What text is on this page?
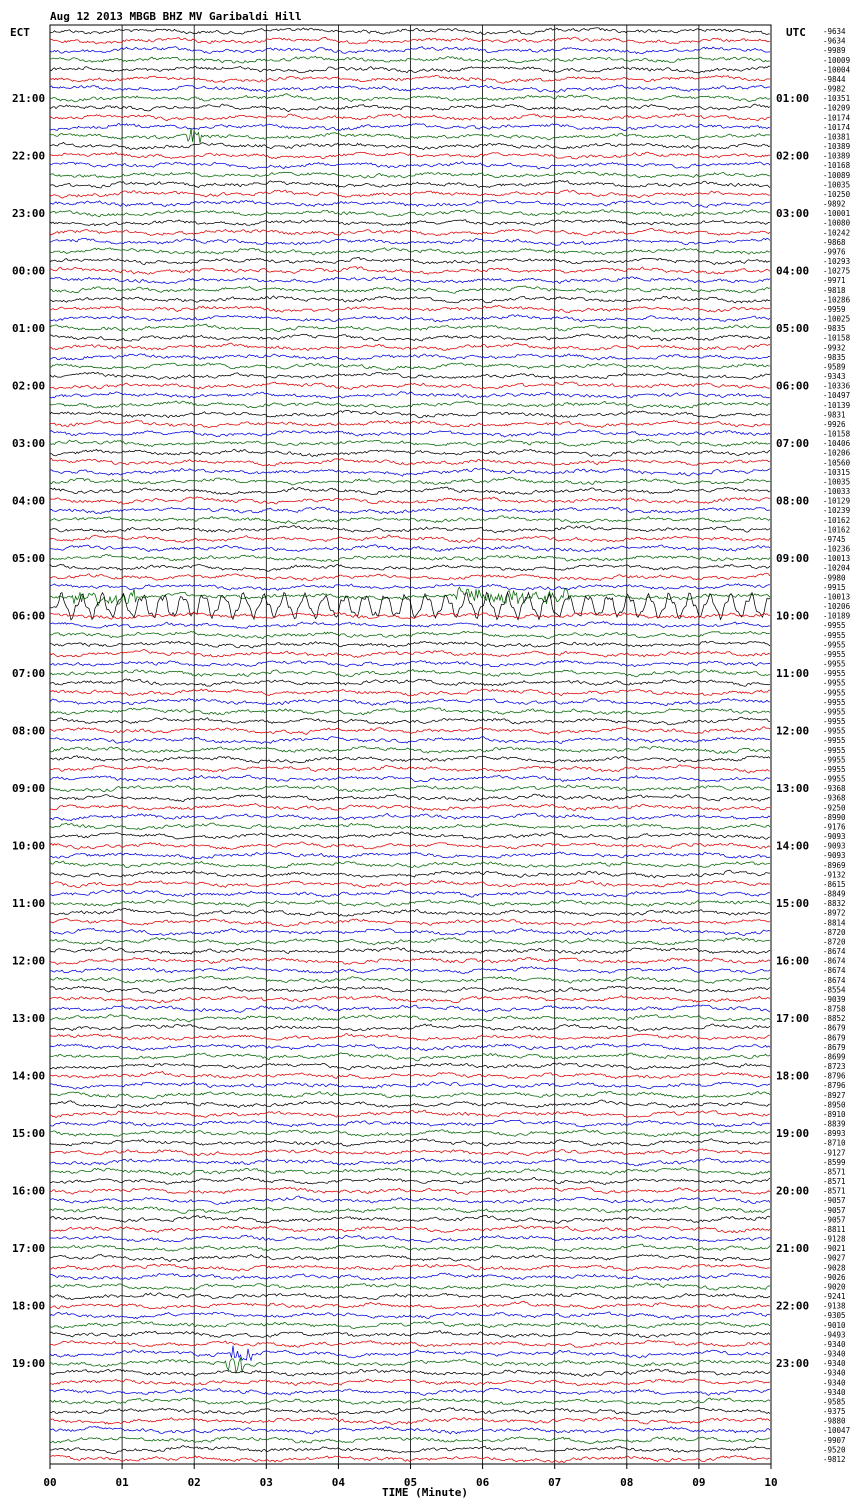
Aug 12 2013 MBGB BHZ MV Garibaldi Hill
ECT	UTC
21:00
22:00
23:00
00:00
01:00
02:00
03:00
04:00
05:00
06:00
07:00
08:00
09:00
10:00
11:00
12:00
13:00
14:00
15:00
16:00
17:00
18:00
19:00
01:00
02:00
03:00
04:00
05:00
06:00
07:00
08:00
09:00
10:00
11:00
12:00
13:00
14:00
15:00
16:00
17:00
18:00
19:00
20:00
21:00
22:00
23:00
-9634
-9634
-9989
-10009
-10004
-9844
-9982
-10351
-10209
-10174
-10174
-10381
-10389
-10389
-10168
-10089
-10035
-10250
-9892
-10001
-10080
-10242
-9868
-9976
-10293
-10275
-9971
-9818
-10286
-9959
-10025
-9835
-10158
-9932
-9835
-9589
-9343
-10336
-10497
-10139
-9831
-9926
-10158
-10406
-10206
-10560
-10315
-10035
-10033
-10129
-10239
-10162
-10162
-9745
-10236
-10013
-10204
-9980
-9915
-10013
-10206
-10189
-9955
-9955
-9955
-9955
-9955
-9955
-9955
-9955
-9955
-9955
-9955
-9955
-9955
-9955
-9955
-9955
-9955
-9368
-9368
-9250
-8990
-9176
-9093
-9093
-9093
-8969
-9132
-8615
-8849
-8832
-8972
-8814
-8720
-8720
-8674
-8674
-8674
-8674
-8554
-9039
-8758
-8852
-8679
-8679
-8679
-8699
-8723
-8796
-8796
-8927
-8950
-8910
-8839
-8993
-8710
-9127
-8599
-8571
-8571
-8571
-9057
-9057
-9057
-8811
-9128
-9021
-9027
-9028
-9026
-9020
-9241
-9138
-9305
-9010
-9493
-9340
-9340
-9340
-9340
-9340
-9340
-9585
-9375
-9880
-10047
-9907
-9520
-9812
00	01	02	03	04	05	06	07	08	09	10
TIME (Minute)
